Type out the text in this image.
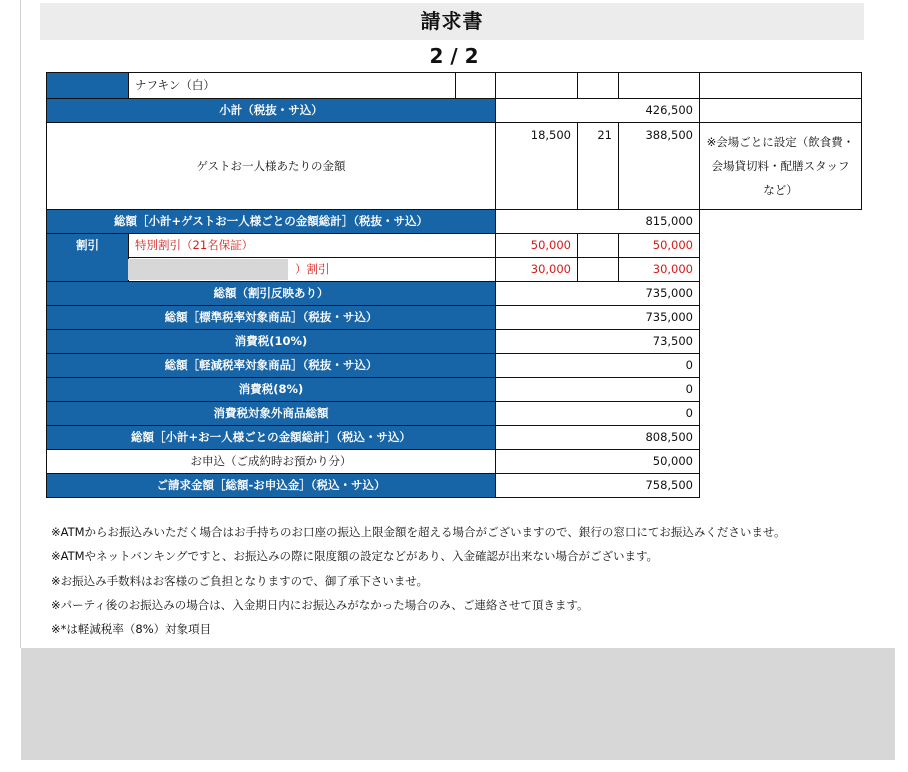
請求書
2 / 2
	ナフキン（白）					
小計（税抜・サ込）			426,500			
ゲストお一人様あたりの金額			18,500	21	388,500	※会場ごとに設定（飲食費・会場貸切料・配膳スタッフなど）
総額［小計+ゲストお一人様ごとの金額総計］（税抜・サ込）			815,000			
割引	特別割引（21名保証）		50,000		50,000	
	）割引		30,000		30,000	
総額（割引反映あり）			735,000			
総額［標準税率対象商品］（税抜・サ込）			735,000			
消費税(10%)			73,500			
総額［軽減税率対象商品］（税抜・サ込）			0			
消費税(8%)			0			
消費税対象外商品総額			0			
総額［小計+お一人様ごとの金額総計］（税込・サ込）			808,500			
お申込（ご成約時お預かり分）			50,000			
ご請求金額［総額-お申込金］（税込・サ込）			758,500			
※ATMからお振込みいただく場合はお手持ちのお口座の振込上限金額を超える場合がございますので、銀行の窓口にてお振込みくださいませ。
※ATMやネットバンキングですと、お振込みの際に限度額の設定などがあり、入金確認が出来ない場合がございます。
※お振込み手数料はお客様のご負担となりますので、御了承下さいませ。
※パーティ後のお振込みの場合は、入金期日内にお振込みがなかった場合のみ、ご連絡させて頂きます。
※*は軽減税率（8%）対象項目
